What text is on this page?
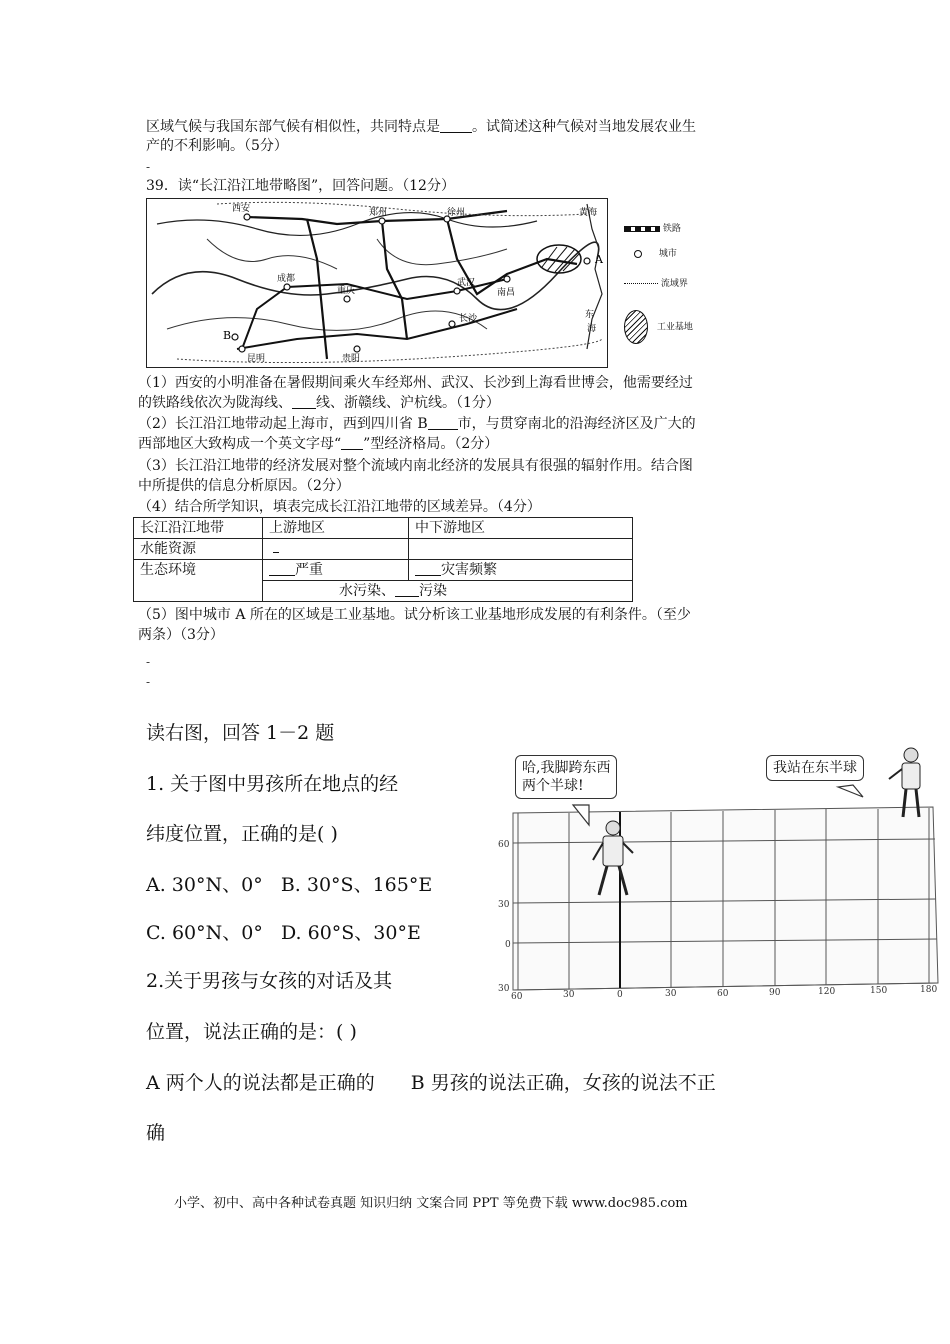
区域气候与我国东部气候有相似性，共同特点是 。试简述这种气候对当地发展农业生
产的不利影响。（5分）
-
39．读“长江沿江地带略图”，回答问题。（12分）
西安	郑州	徐州	黄海
成都
重庆
武汉
长沙
南昌
昆明	贵阳
B
A
东
海
铁路
城市
流域界
工业基地
（1）西安的小明准备在暑假期间乘火车经郑州、武汉、长沙到上海看世博会，他需要经过
的铁路线依次为陇海线、 线、浙赣线、沪杭线。（1分）
（2）长江沿江地带动起上海市，西到四川省 B 市，与贯穿南北的沿海经济区及广大的
西部地区大致构成一个英文字母“ ”型经济格局。（2分）
（3）长江沿江地带的经济发展对整个流域内南北经济的发展具有很强的辐射作用。结合图
中所提供的信息分析原因。（2分）
（4）结合所学知识，填表完成长江沿江地带的区域差异。（4分）
长江沿江地带	上游地区	中下游地区
水能资源		
生态环境	严重	灾害频繁
	水污染、 污染	
（5）图中城市 A 所在的区域是工业基地。试分析该工业基地形成发展的有利条件。（至少
两条）（3分）
-
-
读右图，回答 1－2 题
1. 关于图中男孩所在地点的经
纬度位置，正确的是( )
A. 30°N、0° B. 30°S、165°E
C. 60°N、0° D. 60°S、30°E
2.关于男孩与女孩的对话及其
位置，说法正确的是：( )
A 两个人的说法都是正确的 B 男孩的说法正确，女孩的说法不正
确
60
30
0
30
60	30	0	30	60	90	120	150	180
哈,我脚跨东西
两个半球!
我站在东半球
小学、初中、高中各种试卷真题 知识归纳 文案合同 PPT 等免费下载 www.doc985.com
